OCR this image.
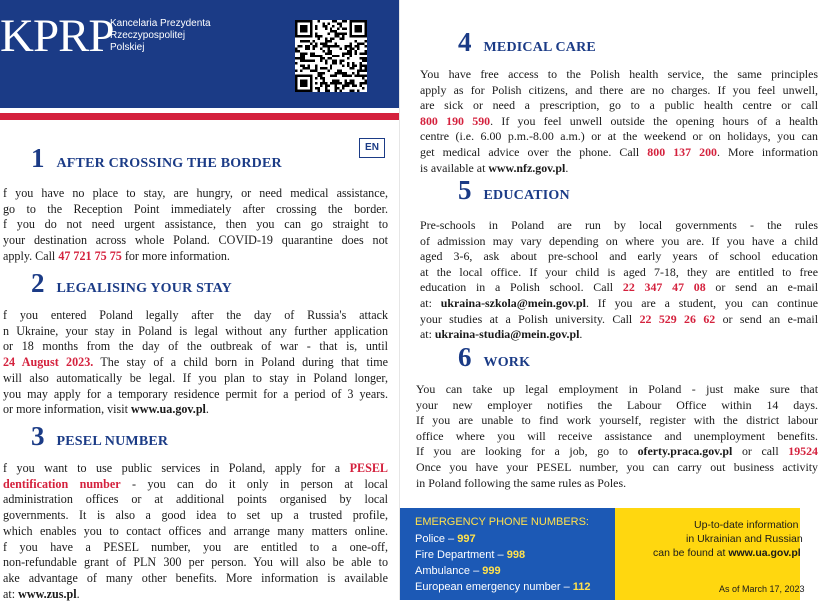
KPRP
Kancelaria Prezydenta
Rzeczypospolitej
Polskiej
EN
1 AFTER CROSSING THE BORDER
f you have no place to stay, are hungry, or need medical assistance,
go to the Reception Point immediately after crossing the border.
f you do not need urgent assistance, then you can go straight to
your destination across whole Poland. COVID-19 quarantine does not
apply. Call 47 721 75 75 for more information.
2 LEGALISING YOUR STAY
f you entered Poland legally after the day of Russia's attack
n Ukraine, your stay in Poland is legal without any further application
or 18 months from the day of the outbreak of war - that is, until
24 August 2023. The stay of a child born in Poland during that time
will also automatically be legal. If you plan to stay in Poland longer,
you may apply for a temporary residence permit for a period of 3 years.
or more information, visit www.ua.gov.pl.
3 PESEL NUMBER
f you want to use public services in Poland, apply for a PESEL
dentification number - you can do it only in person at local
administration offices or at additional points organised by local
governments. It is also a good idea to set up a trusted profile,
which enables you to contact offices and arrange many matters online.
f you have a PESEL number, you are entitled to a one-off,
non-refundable grant of PLN 300 per person. You will also be able to
ake advantage of many other benefits. More information is available
at: www.zus.pl.
4 MEDICAL CARE
You have free access to the Polish health service, the same principles
apply as for Polish citizens, and there are no charges. If you feel unwell,
are sick or need a prescription, go to a public health centre or call
800 190 590. If you feel unwell outside the opening hours of a health
centre (i.e. 6.00 p.m.-8.00 a.m.) or at the weekend or on holidays, you can
get medical advice over the phone. Call 800 137 200. More information
is available at www.nfz.gov.pl.
5 EDUCATION
Pre-schools in Poland are run by local governments - the rules
of admission may vary depending on where you are. If you have a child
aged 3-6, ask about pre-school and early years of school education
at the local office. If your child is aged 7-18, they are entitled to free
education in a Polish school. Call 22 347 47 08 or send an e-mail
at: ukraina-szkola@mein.gov.pl. If you are a student, you can continue
your studies at a Polish university. Call 22 529 26 62 or send an e-mail
at: ukraina-studia@mein.gov.pl.
6 WORK
You can take up legal employment in Poland - just make sure that
your new employer notifies the Labour Office within 14 days.
If you are unable to find work yourself, register with the district labour
office where you will receive assistance and unemployment benefits.
If you are looking for a job, go to oferty.praca.gov.pl or call 19524
Once you have your PESEL number, you can carry out business activity
in Poland following the same rules as Poles.
EMERGENCY PHONE NUMBERS:
Police – 997
Fire Department – 998
Ambulance – 999
European emergency number – 112
Up-to-date information
in Ukrainian and Russian
can be found at www.ua.gov.pl
As of March 17, 2023
